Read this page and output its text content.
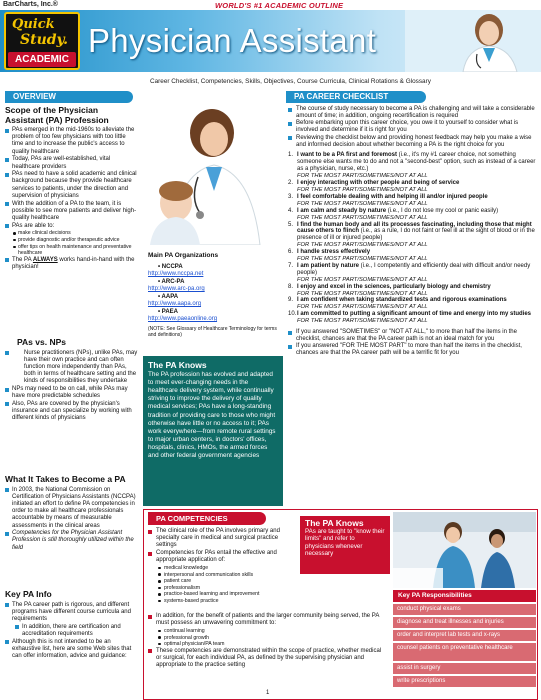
BarCharts, Inc.®	WORLD'S #1 ACADEMIC OUTLINE
Quick
Study.
ACADEMIC
Physician Assistant
Career Checklist, Competencies, Skills, Objectives, Course Curricula, Clinical Rotations & Glossary
OVERVIEW
Scope of the Physician Assistant (PA) Profession
PAs emerged in the mid-1960s to alleviate the problem of too few physicians with too little time and to increase the public's access to quality healthcare
Today, PAs are well-established, vital healthcare providers
PAs need to have a solid academic and clinical background because they provide healthcare services to patients, under the direction and supervision of physicians
With the addition of a PA to the team, it is possible to see more patients and deliver high-quality healthcare
PAs are able to:
make clinical decisions
provide diagnostic and/or therapeutic advice
offer tips on health maintenance and preventative healthcare
The PA ALWAYS works hand-in-hand with the physician!
PAs vs. NPs
Nurse practitioners (NPs), unlike PAs, may have their own practice and can often function more independently than PAs, both in terms of healthcare setting and the kinds of responsibilities they undertake
NPs may need to be on call, while PAs may have more predictable schedules
Also, PAs are covered by the physician's insurance and can specialize by working with different kinds of physicians
What It Takes to Become a PA
In 2003, the National Commission on Certification of Physicians Assistants (NCCPA) initiated an effort to define PA competencies in order to make all healthcare professionals accountable by means of measurable assessments in the clinical areas
Competencies for the Physician Assistant Profession is still thoroughly utilized within the field
Key PA Info
The PA career path is rigorous, and different programs have different course curricula and requirements
In addition, there are certification and accreditation requirements
Although this is not intended to be an exhaustive list, here are some Web sites that can offer information, advice and guidance:
Main PA Organizations
• NCCPA
http://www.nccpa.net
• ARC-PA
http://www.arc-pa.org
• AAPA
http://www.aapa.org
• PAEA
http://www.paeaonline.org
(NOTE: See Glossary of Healthcare Terminology for terms and definitions)
The PA Knows
The PA profession has evolved and adapted to meet ever-changing needs in the healthcare delivery system, while continually striving to improve the delivery of quality medical services; PAs have a long-standing tradition of providing care to those who might otherwise have little or no access to it; PAs work everywhere—from remote rural settings to major urban centers, in doctors' offices, hospitals, clinics, HMOs, the armed forces and other federal government agencies
PA CAREER CHECKLIST
The course of study necessary to become a PA is challenging and will take a considerable amount of time; in addition, ongoing recertification is required
Before embarking upon this career choice, you owe it to yourself to consider what is involved and determine if it is right for you
Reviewing the checklist below and providing honest feedback may help you make a wise and informed decision about whether becoming a PA is the right choice for you
1. I want to be a PA first and foremost (i.e., it's my #1 career choice, not something someone else wants me to do and not a "second-best" option, such as instead of a career as a physician, nurse, etc.)
FOR THE MOST PART/SOMETIMES/NOT AT ALL
2. I enjoy interacting with other people and being of service
FOR THE MOST PART/SOMETIMES/NOT AT ALL
3. I feel comfortable dealing with and helping ill and/or injured people
FOR THE MOST PART/SOMETIMES/NOT AT ALL
4. I am calm and steady by nature (i.e., I do not lose my cool or panic easily)
FOR THE MOST PART/SOMETIMES/NOT AT ALL
5. I find the human body and all its processes fascinating, including those that might cause others to flinch (i.e., as a rule, I do not faint or feel ill at the sight of blood or in the presence of ill or injured people)
FOR THE MOST PART/SOMETIMES/NOT AT ALL
6. I handle stress effectively
FOR THE MOST PART/SOMETIMES/NOT AT ALL
7. I am patient by nature (i.e., I competently and efficiently deal with difficult and/or needy people)
FOR THE MOST PART/SOMETIMES/NOT AT ALL
8. I enjoy and excel in the sciences, particularly biology and chemistry
FOR THE MOST PART/SOMETIMES/NOT AT ALL
9. I am confident when taking standardized tests and rigorous examinations
FOR THE MOST PART/SOMETIMES/NOT AT ALL
10. I am committed to putting a significant amount of time and energy into my studies
FOR THE MOST PART/SOMETIMES/NOT AT ALL
If you answered "SOMETIMES" or "NOT AT ALL," to more than half the items in the checklist, chances are that the PA career path is not an ideal match for you
If you answered "FOR THE MOST PART" to more than half the items in the checklist, chances are that the PA career path will be a terrific fit for you
PA COMPETENCIES
The clinical role of the PA involves primary and specialty care in medical and surgical practice settings
Competencies for PAs entail the effective and appropriate application of:
medical knowledge
interpersonal and communication skills
patient care
professionalism
practice-based learning and improvement
systems-based practice
In addition, for the benefit of patients and the larger community being served, the PA must possess an unwavering commitment to:
continual learning
professional growth
optimal physician/PA team
These competencies are demonstrated within the scope of practice, whether medical or surgical, for each individual PA, as defined by the supervising physician and appropriate to the practice setting
The PA Knows
PAs are taught to "know their limits" and refer to physicians whenever necessary
Key PA Responsibilities
conduct physical exams
diagnose and treat illnesses and injuries
order and interpret lab tests and x-rays
counsel patients on preventative healthcare
assist in surgery
write prescriptions
1
